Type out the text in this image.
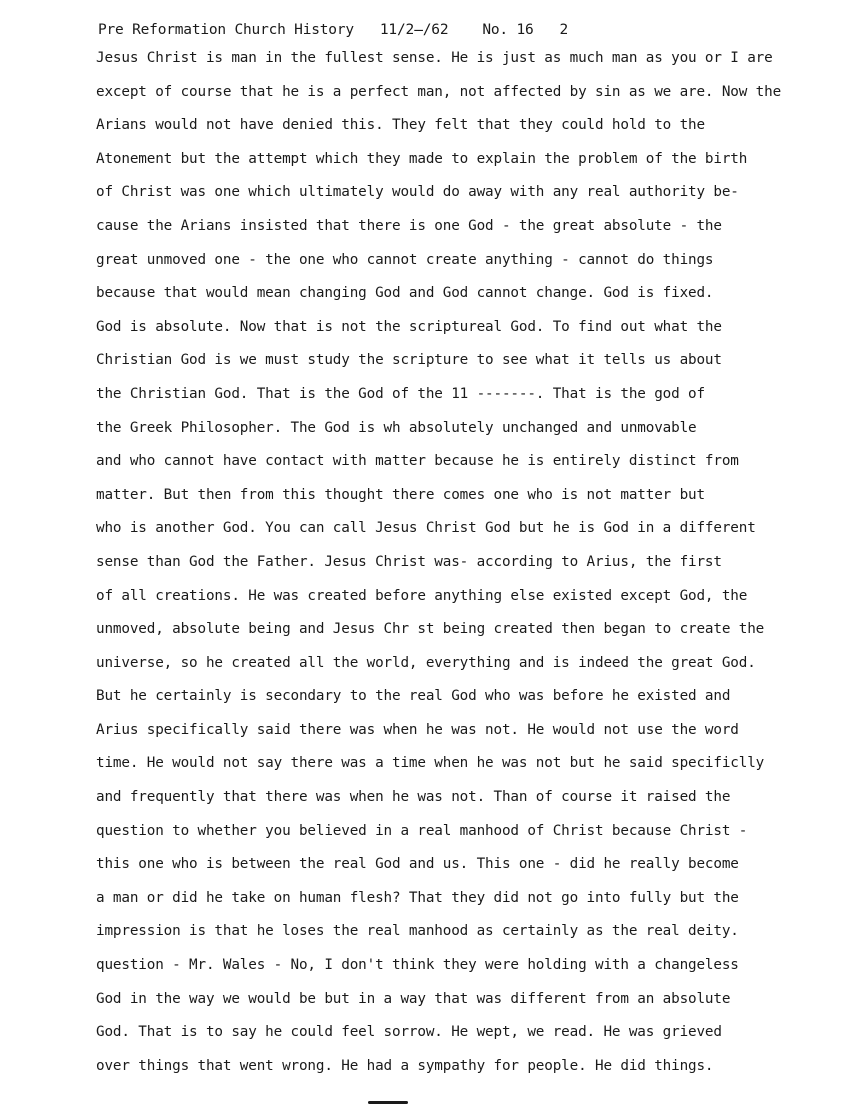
Pre Reformation Church History 11/2̶/62 No. 16 2
Jesus Christ is man in the fullest sense. He is just as much man as you or I are
except of course that he is a perfect man, not affected by sin as we are. Now the
Arians would not have denied this. They felt that they could hold to the
Atonement but the attempt which they made to explain the problem of the birth
of Christ was one which ultimately would do away with any real authority be-
cause the Arians insisted that there is one God - the great absolute - the
great unmoved one - the one who cannot create anything - cannot do things
because that would mean changing God and God cannot change. God is fixed.
God is absolute. Now that is not the scriptureal God. To find out what the
Christian God is we must study the scripture to see what it tells us about
the Christian God. That is the God of the 11 -------. That is the god of
the Greek Philosopher. The God is wh absolutely unchanged and unmovable
and who cannot have contact with matter because he is entirely distinct from
matter. But then from this thought there comes one who is not matter but
who is another God. You can call Jesus Christ God but he is God in a different
sense than God the Father. Jesus Christ was- according to Arius, the first
of all creations. He was created before anything else existed except God, the
unmoved, absolute being and Jesus Chr st being created then began to create the
universe, so he created all the world, everything and is indeed the great God.
But he certainly is secondary to the real God who was before he existed and
Arius specifically said there was when he was not. He would not use the word
time. He would not say there was a time when he was not but he said specificlly
and frequently that there was when he was not. Than of course it raised the
question to whether you believed in a real manhood of Christ because Christ -
this one who is between the real God and us. This one - did he really become
a man or did he take on human flesh? That they did not go into fully but the
impression is that he loses the real manhood as certainly as the real deity.
question - Mr. Wales - No, I don't think they were holding with a changeless
God in the way we would be but in a way that was different from an absolute
God. That is to say he could feel sorrow. He wept, we read. He was grieved
over things that went wrong. He had a sympathy for people. He did things.
